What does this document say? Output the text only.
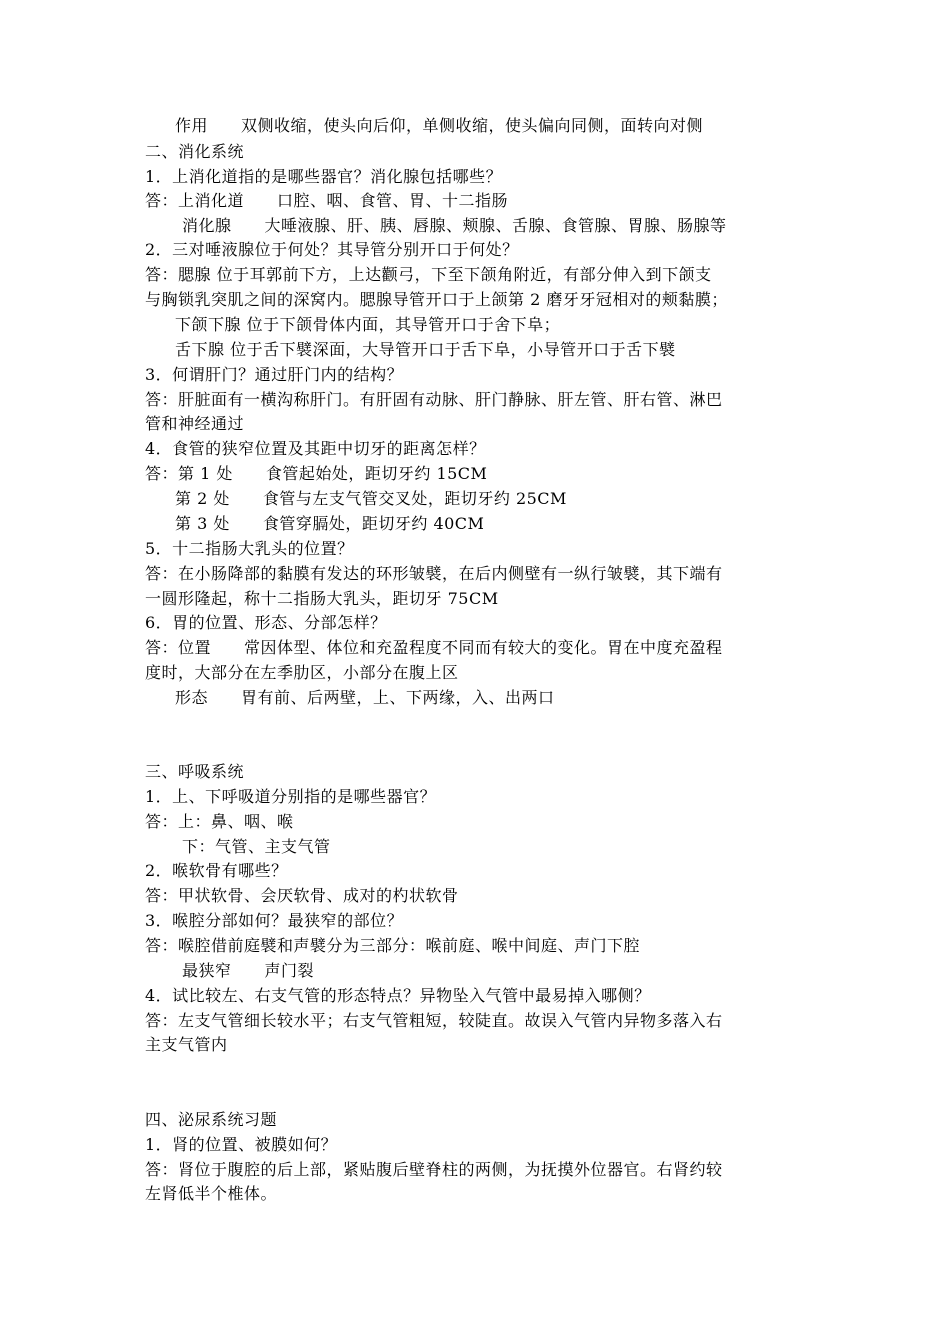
作用　　双侧收缩，使头向后仰，单侧收缩，使头偏向同侧，面转向对侧
二、消化系统
1．上消化道指的是哪些器官？消化腺包括哪些？
答：上消化道　　口腔、咽、食管、胃、十二指肠
消化腺　　大唾液腺、肝、胰、唇腺、颊腺、舌腺、食管腺、胃腺、肠腺等
2．三对唾液腺位于何处？其导管分别开口于何处？
答：腮腺 位于耳郭前下方，上达颧弓，下至下颌角附近，有部分伸入到下颌支
与胸锁乳突肌之间的深窝内。腮腺导管开口于上颌第 2 磨牙牙冠相对的颊黏膜；
下颌下腺 位于下颌骨体内面，其导管开口于舍下阜；
舌下腺 位于舌下襞深面，大导管开口于舌下阜，小导管开口于舌下襞
3．何谓肝门？通过肝门内的结构？
答：肝脏面有一横沟称肝门。有肝固有动脉、肝门静脉、肝左管、肝右管、淋巴
管和神经通过
4．食管的狭窄位置及其距中切牙的距离怎样？
答：第 1 处　　食管起始处，距切牙约 15CM
第 2 处　　食管与左支气管交叉处，距切牙约 25CM
第 3 处　　食管穿膈处，距切牙约 40CM
5．十二指肠大乳头的位置？
答：在小肠降部的黏膜有发达的环形皱襞，在后内侧壁有一纵行皱襞，其下端有
一圆形隆起，称十二指肠大乳头，距切牙 75CM
6．胃的位置、形态、分部怎样？
答：位置　　常因体型、体位和充盈程度不同而有较大的变化。胃在中度充盈程
度时，大部分在左季肋区，小部分在腹上区
形态　　胃有前、后两壁，上、下两缘，入、出两口
三、呼吸系统
1．上、下呼吸道分别指的是哪些器官？
答：上：鼻、咽、喉
下：气管、主支气管
2．喉软骨有哪些？
答：甲状软骨、会厌软骨、成对的杓状软骨
3．喉腔分部如何？最狭窄的部位？
答：喉腔借前庭襞和声襞分为三部分：喉前庭、喉中间庭、声门下腔
最狭窄　　声门裂
4．试比较左、右支气管的形态特点？异物坠入气管中最易掉入哪侧？
答：左支气管细长较水平；右支气管粗短，较陡直。故误入气管内异物多落入右
主支气管内
四、泌尿系统习题
1．肾的位置、被膜如何？
答：肾位于腹腔的后上部，紧贴腹后壁脊柱的两侧，为抚摸外位器官。右肾约较
左肾低半个椎体。
